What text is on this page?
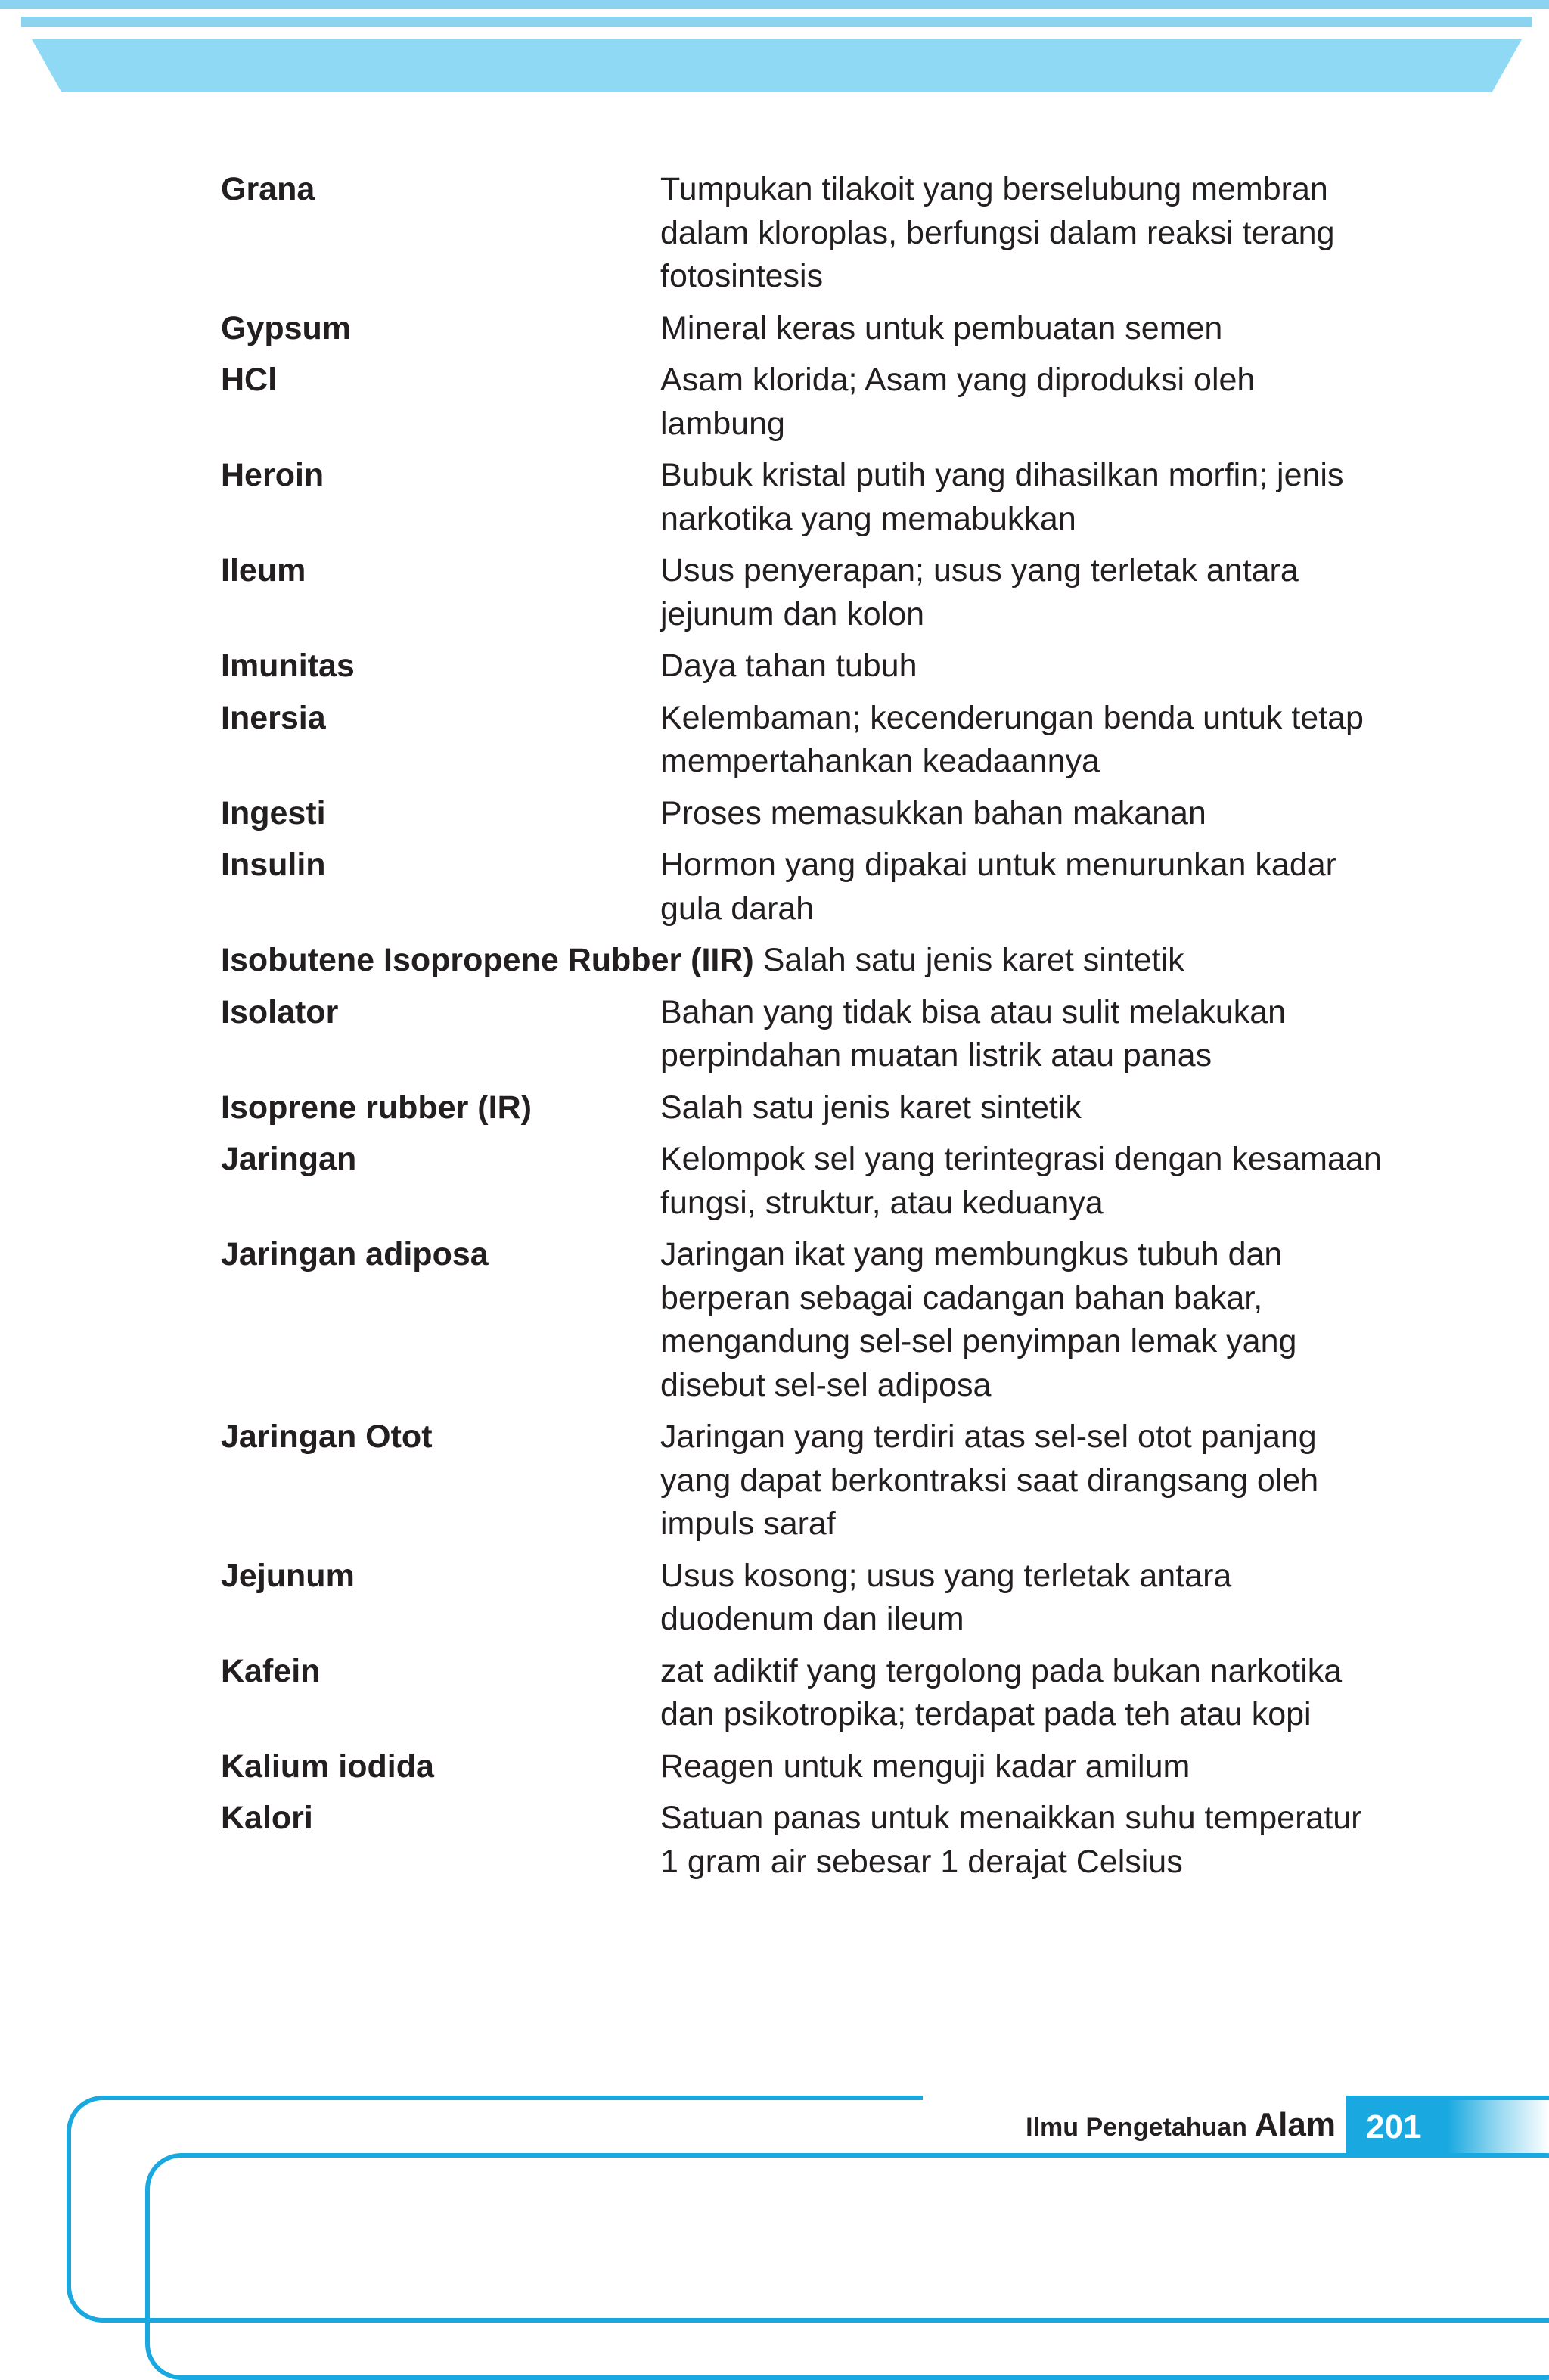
Grana	Tumpukan tilakoit yang berselubung membran dalam kloroplas, berfungsi dalam reaksi terang fotosintesis
Gypsum	Mineral keras untuk pembuatan semen
HCl	Asam klorida; Asam yang diproduksi oleh lambung
Heroin	Bubuk kristal putih yang dihasilkan morfin; jenis narkotika yang memabukkan
Ileum	Usus penyerapan; usus yang terletak antara jejunum dan kolon
Imunitas	Daya tahan tubuh
Inersia	Kelembaman; kecenderungan benda untuk tetap mempertahankan keadaannya
Ingesti	Proses memasukkan bahan makanan
Insulin	Hormon yang dipakai untuk menurunkan kadar gula darah
Isobutene Isopropene Rubber (IIR) Salah satu jenis karet sintetik
Isolator	Bahan yang tidak bisa atau sulit melakukan perpindahan muatan listrik atau panas
Isoprene rubber (IR)	Salah satu jenis karet sintetik
Jaringan	Kelompok sel yang terintegrasi dengan kesamaan fungsi, struktur, atau keduanya
Jaringan adiposa	Jaringan ikat yang membungkus tubuh dan berperan sebagai cadangan bahan bakar, mengandung sel-sel penyimpan lemak yang disebut sel-sel adiposa
Jaringan Otot	Jaringan yang terdiri atas sel-sel otot panjang yang dapat berkontraksi saat dirangsang oleh impuls saraf
Jejunum	Usus kosong; usus yang terletak antara duodenum dan ileum
Kafein	zat adiktif yang tergolong pada bukan narkotika dan psikotropika; terdapat pada teh atau kopi
Kalium iodida	Reagen untuk menguji kadar amilum
Kalori	Satuan panas untuk menaikkan suhu temperatur 1 gram air sebesar 1 derajat Celsius
Ilmu Pengetahuan Alam 201
